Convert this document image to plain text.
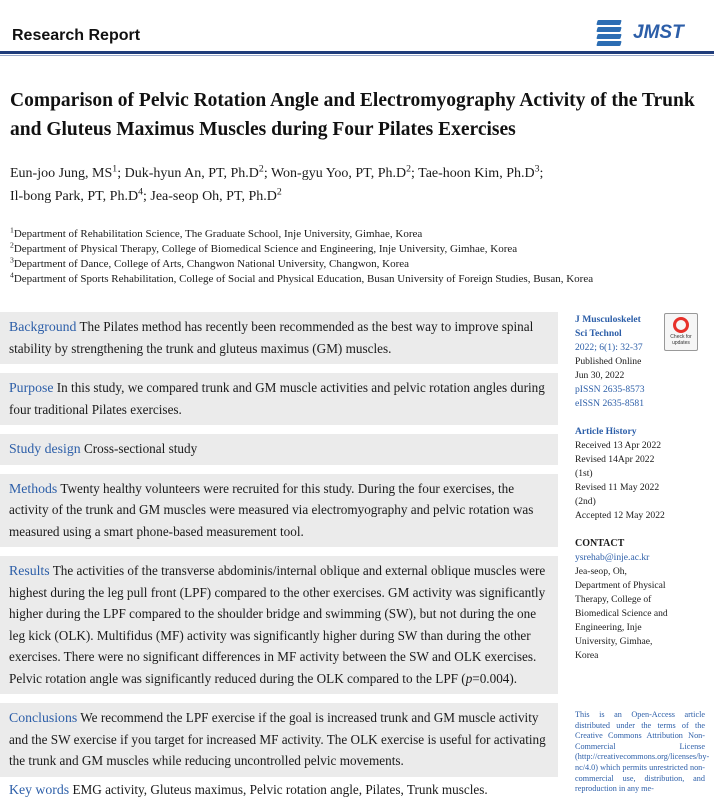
Research Report	JMST
Comparison of Pelvic Rotation Angle and Electromyography Activity of the Trunk and Gluteus Maximus Muscles during Four Pilates Exercises
Eun-joo Jung, $MS^1$; Duk-hyun An, PT, $Ph.D^2$; Won-gyu Yoo, PT, $Ph.D^2$; Tae-hoon Kim, $Ph.D^3$;
Il-bong Park, PT, $Ph.D^4$; Jea-seop Oh, PT, $Ph.D^2$
$^1$Department of Rehabilitation Science, The Graduate School, Inje University, Gimhae, Korea
$^2$Department of Physical Therapy, College of Biomedical Science and Engineering, Inje University, Gimhae, Korea
$^3$Department of Dance, College of Arts, Changwon National University, Changwon, Korea
$^4$Department of Sports Rehabilitation, College of Social and Physical Education, Busan University of Foreign Studies, Busan, Korea
Background The Pilates method has recently been recommended as the best way to improve spinal stability by strengthening the trunk and gluteus maximus (GM) muscles.
Purpose In this study, we compared trunk and GM muscle activities and pelvic rotation angles during four traditional Pilates exercises.
Study design Cross-sectional study
Methods Twenty healthy volunteers were recruited for this study. During the four exercises, the activity of the trunk and GM muscles were measured via electromyography and pelvic rotation was measured using a smart phone-based measurement tool.
Results The activities of the transverse abdominis/internal oblique and external oblique muscles were highest during the leg pull front (LPF) compared to the other exercises. GM activity was significantly higher during the LPF compared to the shoulder bridge and swimming (SW), but not during the one leg kick (OLK). Multifidus (MF) activity was significantly higher during SW than during the other exercises. There were no significant differences in MF activity between the SW and OLK exercises. Pelvic rotation angle was significantly reduced during the OLK compared to the LPF (p=0.004).
Conclusions We recommend the LPF exercise if the goal is increased trunk and GM muscle activity and the SW exercise if you target for increased MF activity. The OLK exercise is useful for activating the trunk and GM muscles while reducing uncontrolled pelvic movements.
Key words EMG activity, Gluteus maximus, Pelvic rotation angle, Pilates, Trunk muscles.
Check for updates
J Musculoskelet
Sci Technol
2022; 6(1): 32-37
Published Online
Jun 30, 2022
pISSN 2635-8573
eISSN 2635-8581
Article History
Received 13 Apr 2022
Revised 14Apr 2022
(1st)
Revised 11 May 2022
(2nd)
Accepted 12 May 2022
CONTACT
ysrehab@inje.ac.kr
Jea-seop, Oh,
Department of Physical
Therapy, College of
Biomedical Science and
Engineering, Inje
University, Gimhae,
Korea
This is an Open-Access article distributed under the terms of the Creative Commons Attribution Non-Commercial License (http://creativecommons.org/licenses/by-nc/4.0) which permits unrestricted non-commercial use, distribution, and reproduction in any me-
